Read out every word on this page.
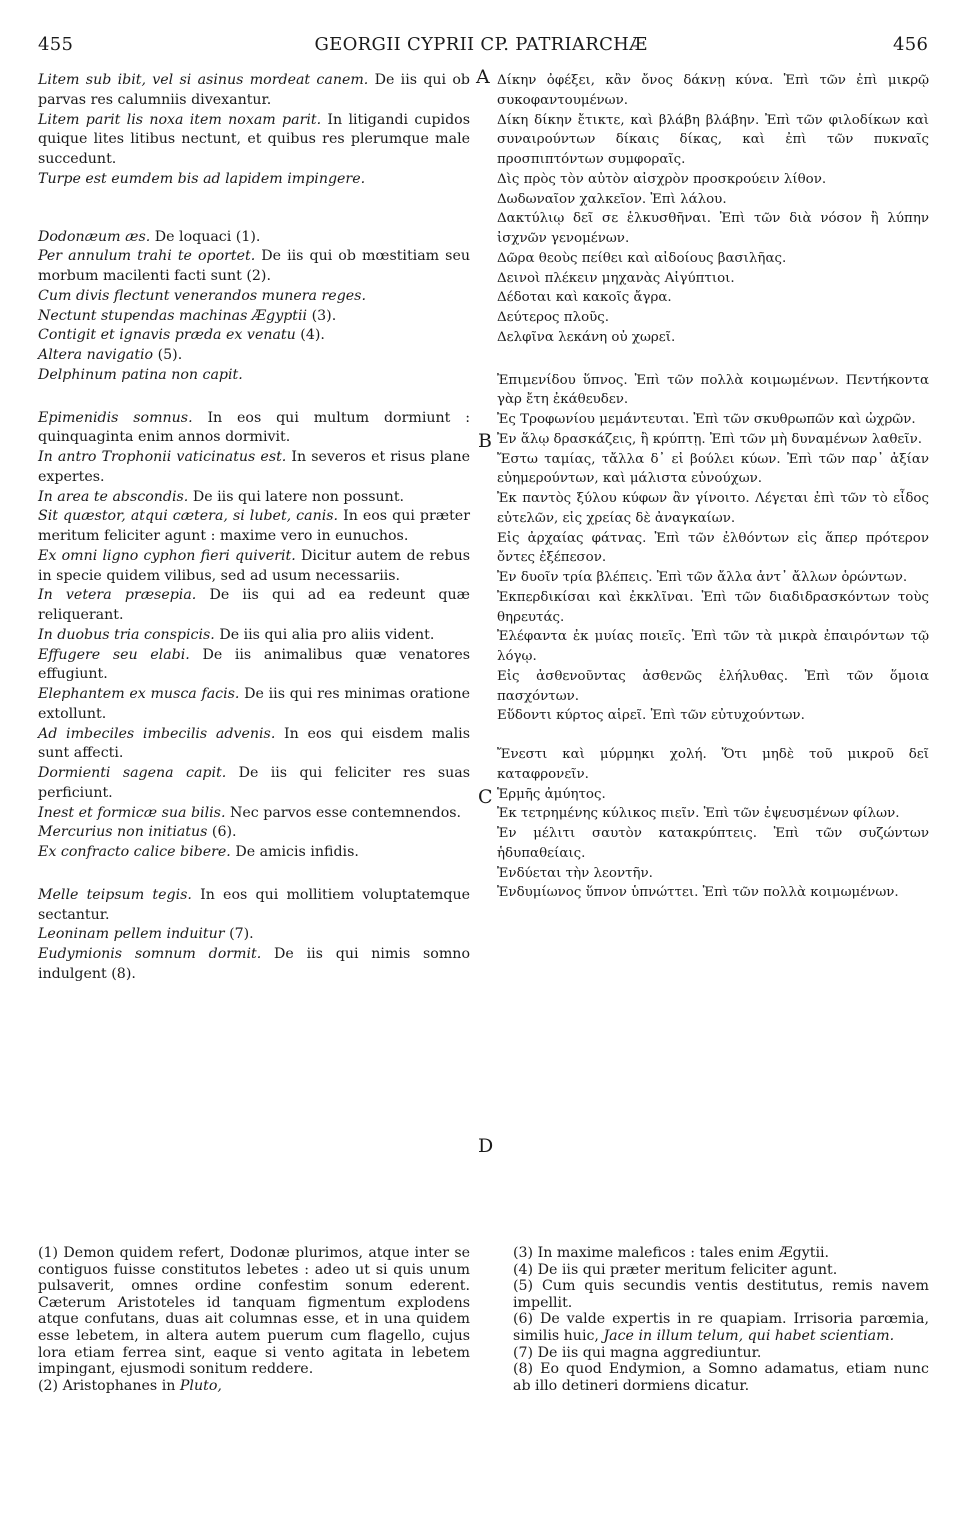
455	GEORGII CYPRII CP. PATRIARCHÆ	456
A
B
C
D

Litem sub ibit, vel si asinus mordeat canem. De iis qui ob parvas res calumniis divexantur.

Litem parit lis noxa item noxam parit. In litigandi cupidos quique lites litibus nectunt, et quibus res plerumque male succedunt.

Turpe est eumdem bis ad lapidem impingere.

Dodonæum æs. De loquaci (1).

Per annulum trahi te oportet. De iis qui ob mœstitiam seu morbum macilenti facti sunt (2).

Cum divis flectunt venerandos munera reges.

Nectunt stupendas machinas Ægyptii (3).

Contigit et ignavis præda ex venatu (4).

Altera navigatio (5).

Delphinum patina non capit.

Epimenidis somnus. In eos qui multum dormiunt : quinquaginta enim annos dormivit.

In antro Trophonii vaticinatus est. In severos et risus plane expertes.

In area te abscondis. De iis qui latere non possunt.

Sit quæstor, atqui cætera, si lubet, canis. In eos qui præter meritum feliciter agunt : maxime vero in eunuchos.

Ex omni ligno cyphon fieri quiverit. Dicitur autem de rebus in specie quidem vilibus, sed ad usum necessariis.

In vetera præsepia. De iis qui ad ea redeunt quæ reliquerant.

In duobus tria conspicis. De iis qui alia pro aliis vident.

Effugere seu elabi. De iis animalibus quæ venatores effugiunt.

Elephantem ex musca facis. De iis qui res minimas oratione extollunt.

Ad imbeciles imbecilis advenis. In eos qui eisdem malis sunt affecti.

Dormienti sagena capit. De iis qui feliciter res suas perficiunt.

Inest et formicæ sua bilis. Nec parvos esse contemnendos.

Mercurius non initiatus (6).

Ex confracto calice bibere. De amicis infidis.

Melle teipsum tegis. In eos qui mollitiem voluptatemque sectantur.

Leoninam pellem induitur (7).

Eudymionis somnum dormit. De iis qui nimis somno indulgent (8).

Δίκην ὀφέξει, κἂν ὄνος δάκνῃ κύνα. Ἐπὶ τῶν ἐπὶ μικρῷ συκοφαντουμένων.

Δίκη δίκην ἔτικτε, καὶ βλάβη βλάβην. Ἐπὶ τῶν φιλοδίκων καὶ συναιρούντων δίκαις δίκας, καὶ ἐπὶ τῶν πυκναῖς προσπιπτόντων συμφοραῖς.

Δὶς πρὸς τὸν αὐτὸν αἰσχρὸν προσκρούειν λίθον.

Δωδωναῖον χαλκεῖον. Ἐπὶ λάλου.

Δακτύλιῳ δεῖ σε ἑλκυσθῆναι. Ἐπὶ τῶν διὰ νόσον ἢ λύπην ἰσχνῶν γενομένων.

Δῶρα θεοὺς πείθει καὶ αἰδοίους βασιλῆας.

Δεινοὶ πλέκειν μηχανὰς Αἰγύπτιοι.

Δέδοται καὶ κακοῖς ἄγρα.

Δεύτερος πλοῦς.

Δελφῖνα λεκάνη οὐ χωρεῖ.

Ἐπιμενίδου ὕπνος. Ἐπὶ τῶν πολλὰ κοιμωμένων. Πεντήκοντα γὰρ ἔτη ἐκάθευδεν.

Ἐς Τροφωνίου μεμάντευται. Ἐπὶ τῶν σκυθρωπῶν καὶ ὠχρῶν.

Ἐν ἅλῳ δρασκάζεις, ἢ κρύπτῃ. Ἐπὶ τῶν μὴ δυναμένων λαθεῖν.

Ἔστω ταμίας, τἄλλα δ᾽ εἰ βούλει κύων. Ἐπὶ τῶν παρ᾽ ἀξίαν εὐημερούντων, καὶ μάλιστα εὐνούχων.

Ἐκ παντὸς ξύλου κύφων ἂν γίνοιτο. Λέγεται ἐπὶ τῶν τὸ εἶδος εὐτελῶν, εἰς χρείας δὲ ἀναγκαίων.

Εἰς ἀρχαίας φάτνας. Ἐπὶ τῶν ἐλθόντων εἰς ἅπερ πρότερον ὄντες ἐξέπεσον.

Ἐν δυοῖν τρία βλέπεις. Ἐπὶ τῶν ἄλλα ἀντ᾽ ἄλλων ὁρώντων.

Ἐκπερδικίσαι καὶ ἐκκλῖναι. Ἐπὶ τῶν διαδιδρασκόντων τοὺς θηρευτάς.

Ἐλέφαντα ἐκ μυίας ποιεῖς. Ἐπὶ τῶν τὰ μικρὰ ἐπαιρόντων τῷ λόγῳ.

Εἰς ἀσθενοῦντας ἀσθενῶς ἐλήλυθας. Ἐπὶ τῶν ὅμοια πασχόντων.

Εὕδοντι κύρτος αἱρεῖ. Ἐπὶ τῶν εὐτυχούντων.

Ἔνεστι καὶ μύρμηκι χολή. Ὅτι μηδὲ τοῦ μικροῦ δεῖ καταφρονεῖν.

Ἑρμῆς ἀμύητος.

Ἐκ τετρημένης κύλικος πιεῖν. Ἐπὶ τῶν ἐψευσμένων φίλων.

Ἐν μέλιτι σαυτὸν κατακρύπτεις. Ἐπὶ τῶν συζώντων ἡδυπαθείαις.

Ἐνδύεται τὴν λεοντῆν.

Ἐνδυμίωνος ὕπνον ὑπνώττει. Ἐπὶ τῶν πολλὰ κοιμωμένων.

(1) Demon quidem refert, Dodonæ plurimos, atque inter se contiguos fuisse constitutos lebetes : adeo ut si quis unum pulsaverit, omnes ordine confestim sonum ederent. Cæterum Aristoteles id tanquam figmentum explodens atque confutans, duas ait columnas esse, et in una quidem esse lebetem, in altera autem puerum cum flagello, cujus lora etiam ferrea sint, eaque si vento agitata in lebetem impingant, ejusmodi sonitum reddere.

(2) Aristophanes in Pluto,

(3) In maxime maleficos : tales enim Ægytii.

(4) De iis qui præter meritum feliciter agunt.

(5) Cum quis secundis ventis destitutus, remis navem impellit.

(6) De valde expertis in re quapiam. Irrisoria parœmia, similis huic, Jace in illum telum, qui habet scientiam.

(7) De iis qui magna aggrediuntur.

(8) Eo quod Endymion, a Somno adamatus, etiam nunc ab illo detineri dormiens dicatur.
